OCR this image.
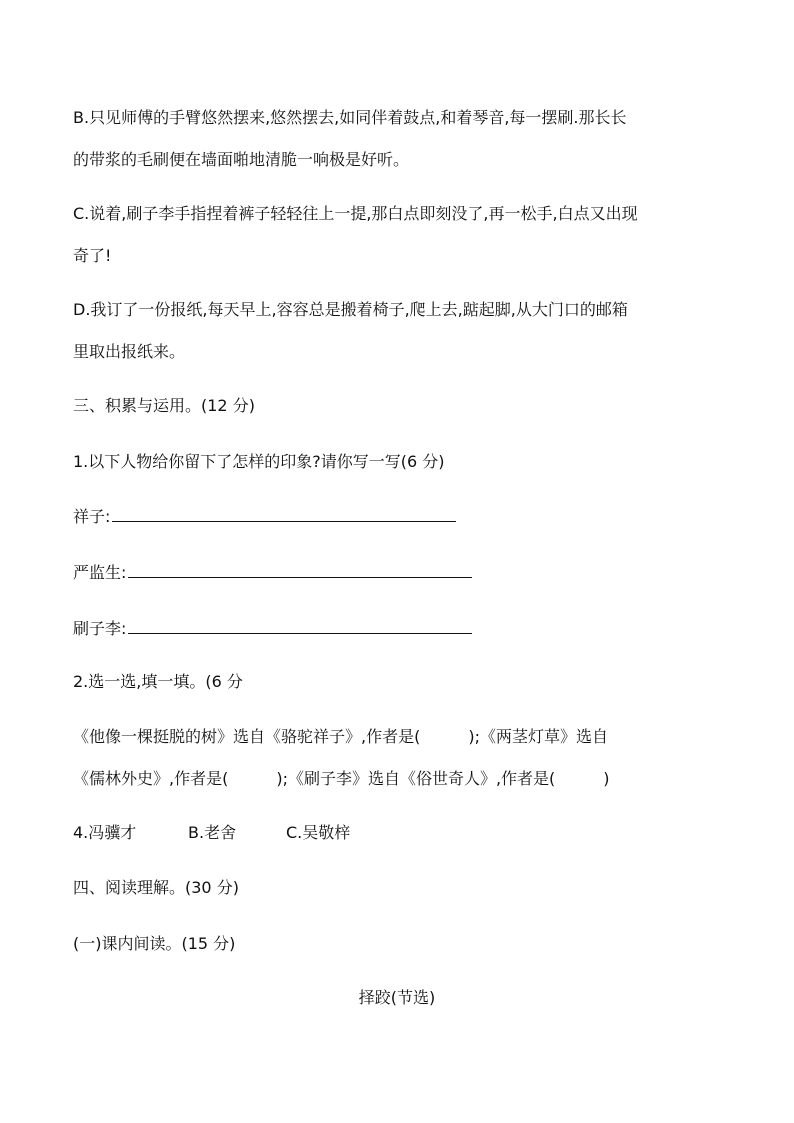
B.只见师傅的手臂悠然摆来,悠然摆去,如同伴着鼓点,和着琴音,每一摆刷.那长长
的带浆的毛刷便在墙面啪地清脆一响极是好听。
C.说着,刷子李手指捏着裤子轻轻往上一提,那白点即刻没了,再一松手,白点又出现
奇了!
D.我订了一份报纸,每天早上,容容总是搬着椅子,爬上去,踮起脚,从大门口的邮箱
里取出报纸来。
三、积累与运用。(12 分)
1.以下人物给你留下了怎样的印象?请你写一写(6 分)
祥子:
严监生:
刷子李:
2.选一选,填一填。(6 分
《他像一棵挺脱的树》选自《骆驼祥子》,作者是(　　　);《两茎灯草》选自
《儒林外史》,作者是(　　　);《刷子李》选自《俗世奇人》,作者是(　　　)
4.冯骥才	B.老舍	C.吴敬梓
四、阅读理解。(30 分)
(一)课内间读。(15 分)
择跤(节选)
